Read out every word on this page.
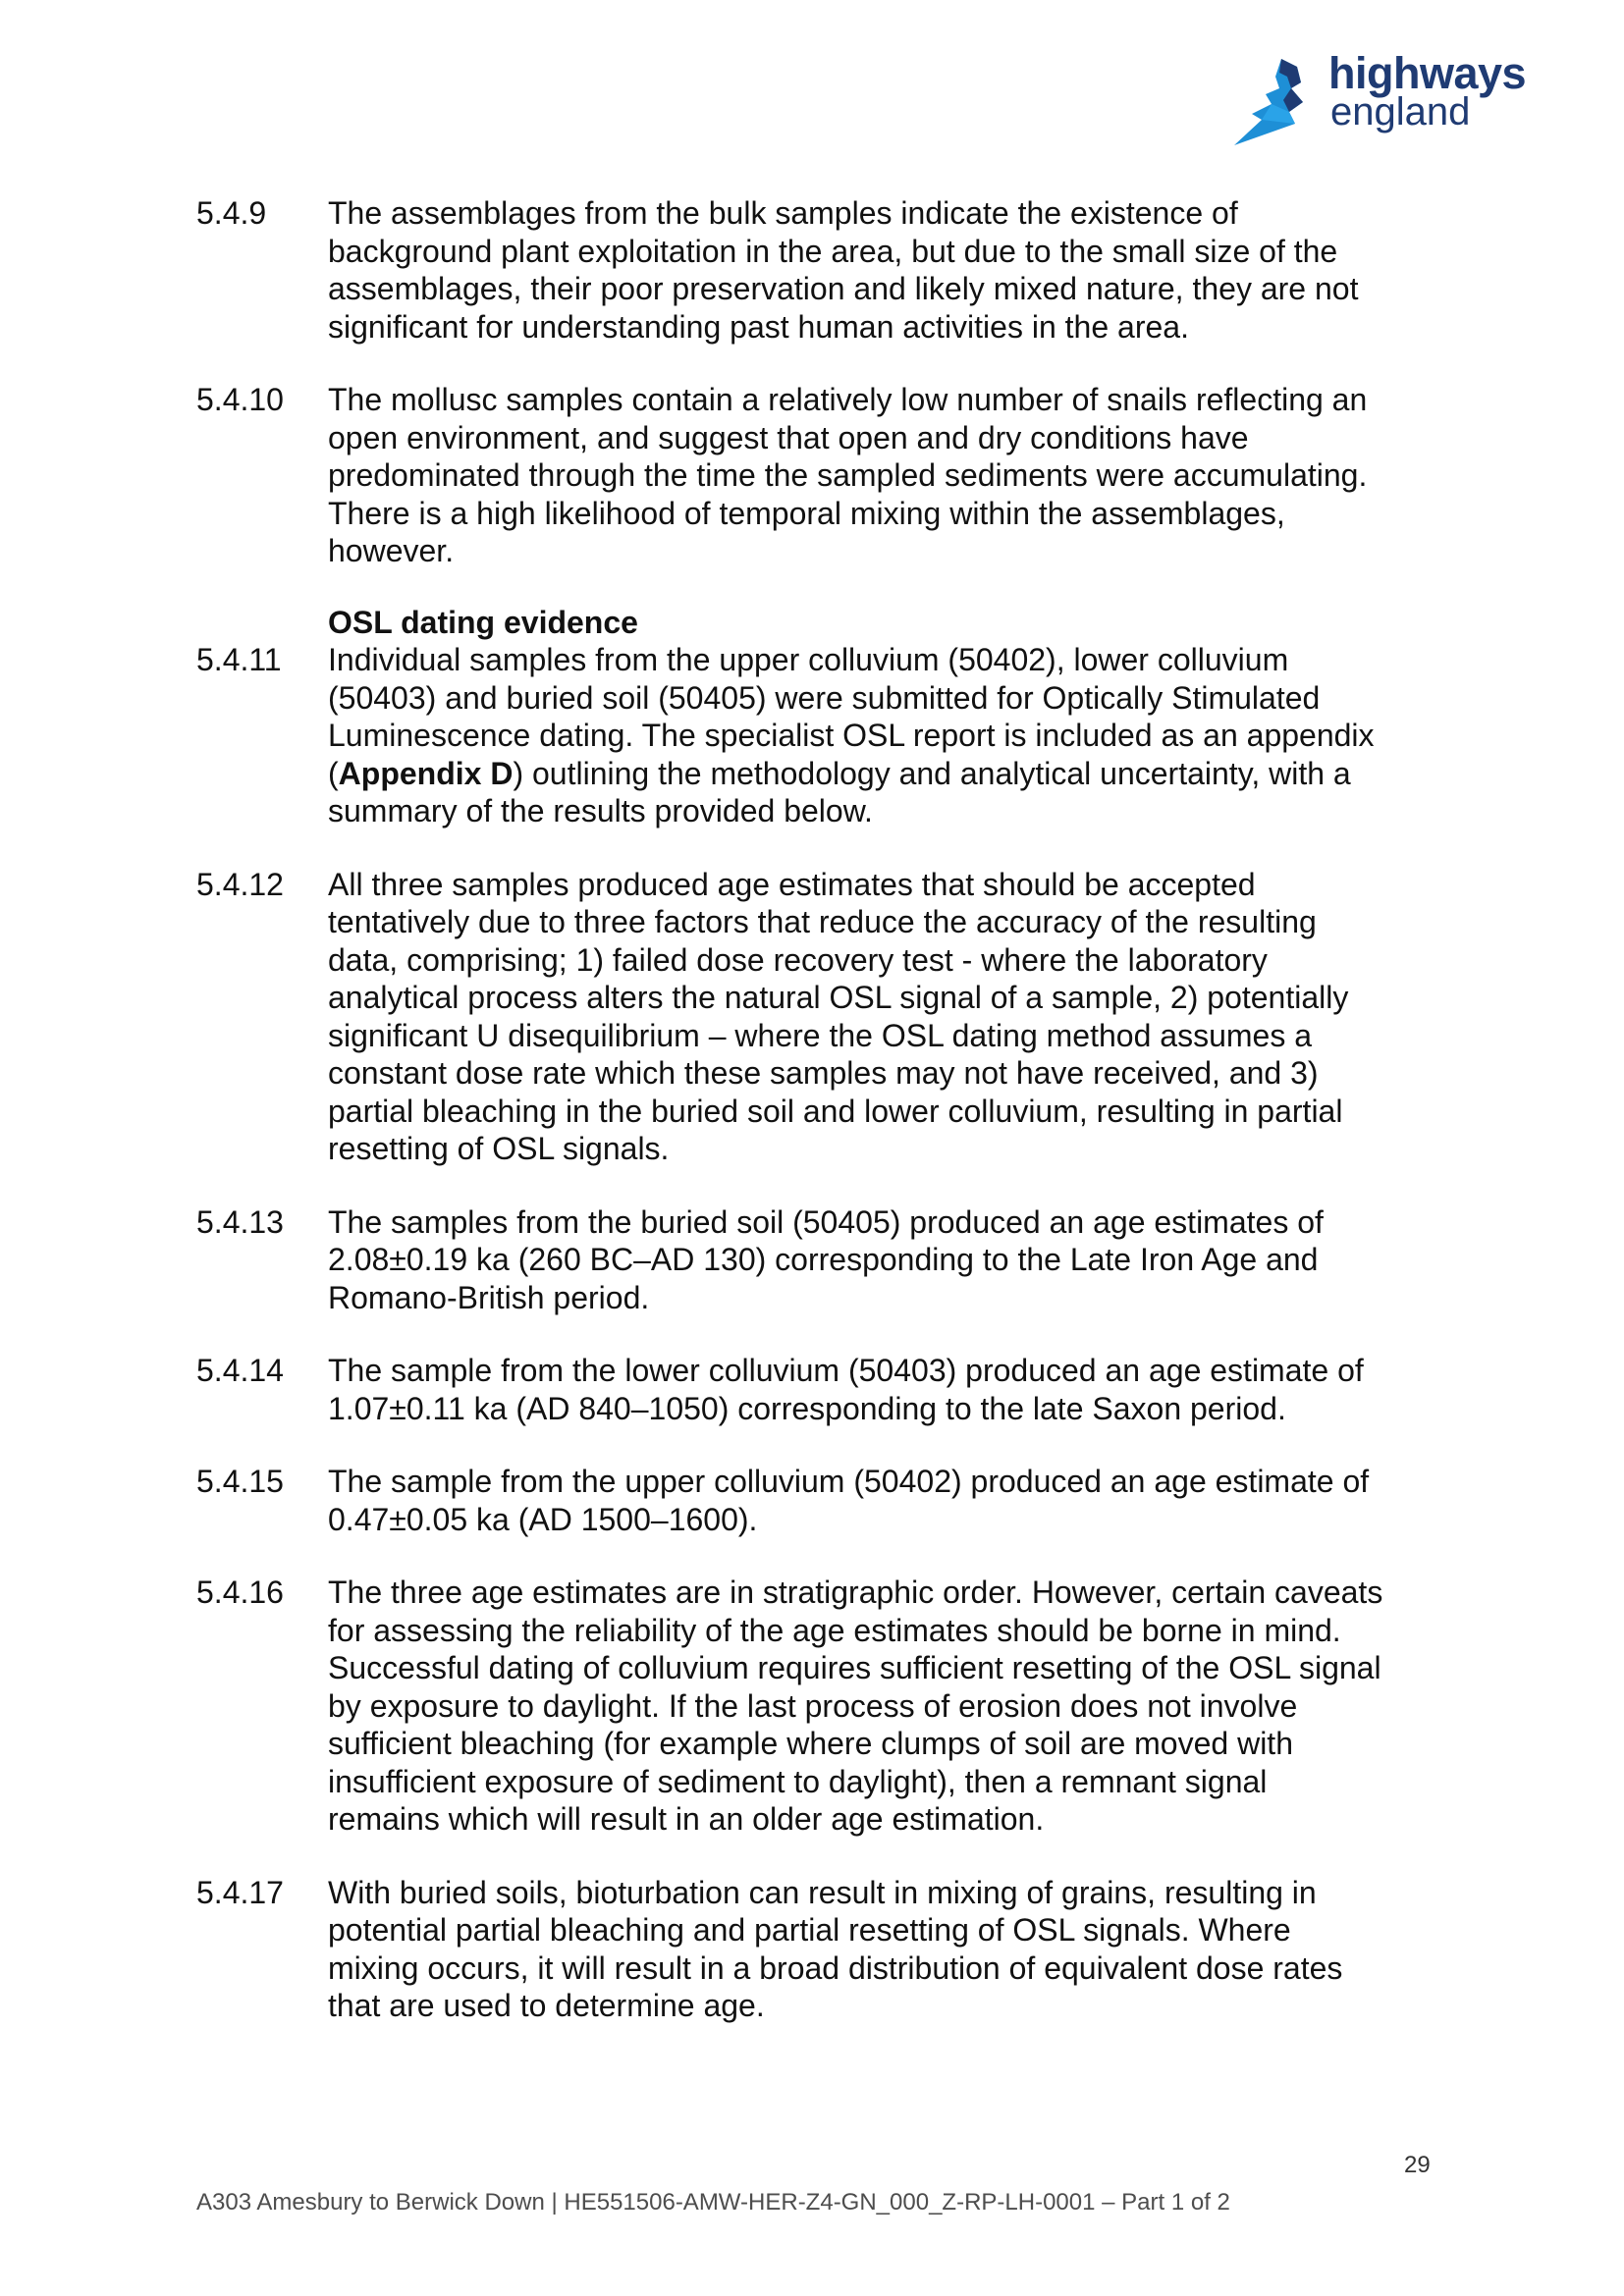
highways
england
5.4.9	The assemblages from the bulk samples indicate the existence of
background plant exploitation in the area, but due to the small size of the
assemblages, their poor preservation and likely mixed nature, they are not
significant for understanding past human activities in the area.
5.4.10	The mollusc samples contain a relatively low number of snails reflecting an
open environment, and suggest that open and dry conditions have
predominated through the time the sampled sediments were accumulating.
There is a high likelihood of temporal mixing within the assemblages,
however.
OSL dating evidence
5.4.11	Individual samples from the upper colluvium (50402), lower colluvium
(50403) and buried soil (50405) were submitted for Optically Stimulated
Luminescence dating. The specialist OSL report is included as an appendix
(Appendix D) outlining the methodology and analytical uncertainty, with a
summary of the results provided below.
5.4.12	All three samples produced age estimates that should be accepted
tentatively due to three factors that reduce the accuracy of the resulting
data, comprising; 1) failed dose recovery test - where the laboratory
analytical process alters the natural OSL signal of a sample, 2) potentially
significant U disequilibrium – where the OSL dating method assumes a
constant dose rate which these samples may not have received, and 3)
partial bleaching in the buried soil and lower colluvium, resulting in partial
resetting of OSL signals.
5.4.13	The samples from the buried soil (50405) produced an age estimates of
2.08±0.19 ka (260 BC–AD 130) corresponding to the Late Iron Age and
Romano-British period.
5.4.14	The sample from the lower colluvium (50403) produced an age estimate of
1.07±0.11 ka (AD 840–1050) corresponding to the late Saxon period.
5.4.15	The sample from the upper colluvium (50402) produced an age estimate of
0.47±0.05 ka (AD 1500–1600).
5.4.16	The three age estimates are in stratigraphic order. However, certain caveats
for assessing the reliability of the age estimates should be borne in mind.
Successful dating of colluvium requires sufficient resetting of the OSL signal
by exposure to daylight. If the last process of erosion does not involve
sufficient bleaching (for example where clumps of soil are moved with
insufficient exposure of sediment to daylight), then a remnant signal
remains which will result in an older age estimation.
5.4.17	With buried soils, bioturbation can result in mixing of grains, resulting in
potential partial bleaching and partial resetting of OSL signals. Where
mixing occurs, it will result in a broad distribution of equivalent dose rates
that are used to determine age.
29
A303 Amesbury to Berwick Down | HE551506-AMW-HER-Z4-GN_000_Z-RP-LH-0001 – Part 1 of 2
